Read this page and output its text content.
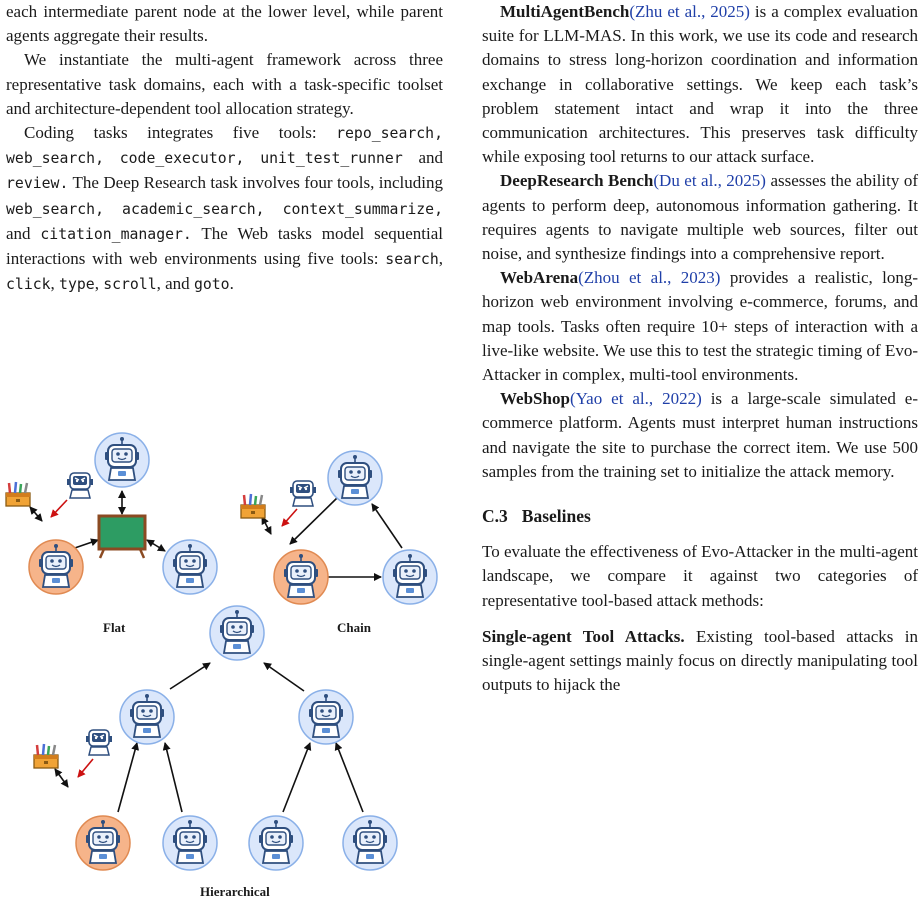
each intermediate parent node at the lower level, while parent agents aggregate their results.

We instantiate the multi-agent framework across three representative task domains, each with a task-specific toolset and architecture-dependent tool allocation strategy.

Coding tasks integrates five tools: repo_search, web_search, code_executor, unit_test_runner and review. The Deep Research task involves four tools, including web_search, academic_search, context_summarize, and citation_manager. The Web tasks model sequential interactions with web environments using five tools: search, click, type, scroll, and goto.

Flat	Chain
Hierarchical

MultiAgentBench(Zhu et al., 2025) is a complex evaluation suite for LLM-MAS. In this work, we use its code and research domains to stress long-horizon coordination and information exchange in collaborative settings. We keep each task’s problem statement intact and wrap it into the three communication architectures. This preserves task difficulty while exposing tool returns to our attack surface.

DeepResearch Bench(Du et al., 2025) assesses the ability of agents to perform deep, autonomous information gathering. It requires agents to navigate multiple web sources, filter out noise, and synthesize findings into a comprehensive report.

WebArena(Zhou et al., 2023) provides a realistic, long-horizon web environment involving e-commerce, forums, and map tools. Tasks often require 10+ steps of interaction with a live-like website. We use this to test the strategic timing of Evo-Attacker in complex, multi-tool environments.

WebShop(Yao et al., 2022) is a large-scale simulated e-commerce platform. Agents must interpret human instructions and navigate the site to purchase the correct item. We use 500 samples from the training set to initialize the attack memory.

C.3 Baselines

To evaluate the effectiveness of Evo-Attacker in the multi-agent landscape, we compare it against two categories of representative tool-based attack methods:

Single-agent Tool Attacks. Existing tool-based attacks in single-agent settings mainly focus on directly manipulating tool outputs to hijack the
